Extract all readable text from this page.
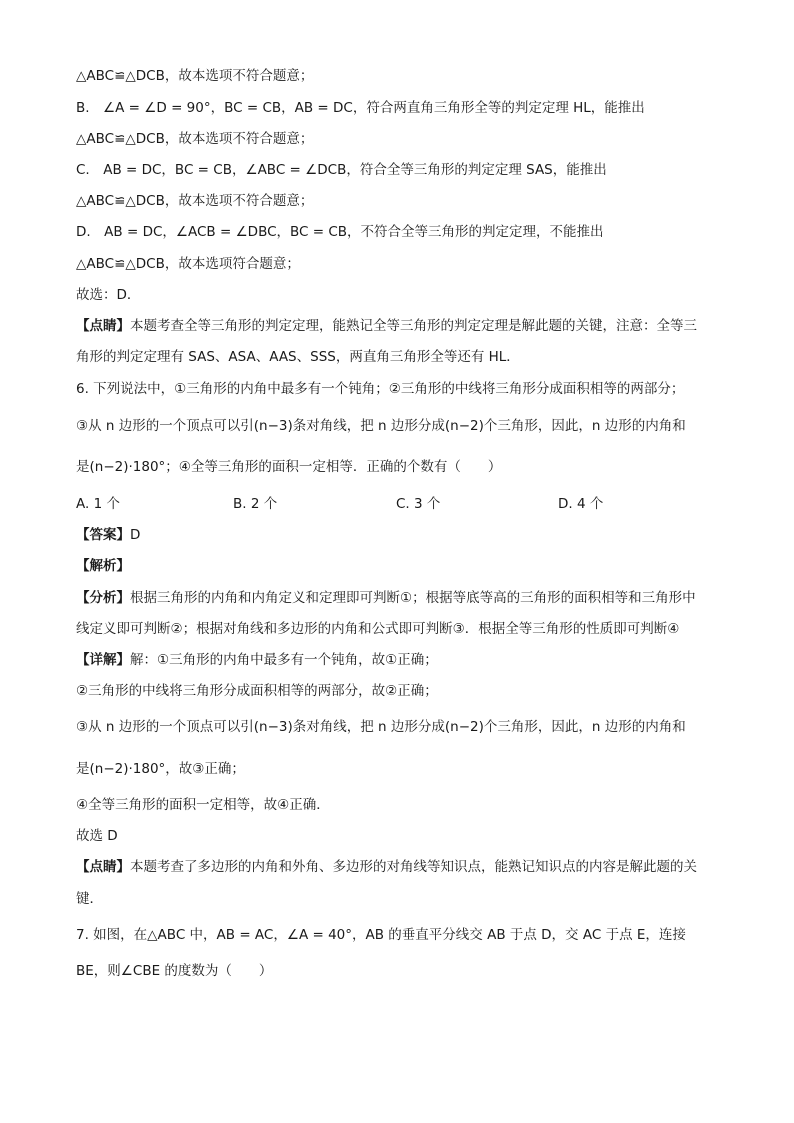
△ABC≌△DCB，故本选项不符合题意；
B.　∠A = ∠D = 90°，BC = CB，AB = DC，符合两直角三角形全等的判定定理 HL，能推出
△ABC≌△DCB，故本选项不符合题意；
C.　AB = DC，BC = CB，∠ABC = ∠DCB，符合全等三角形的判定定理 SAS，能推出
△ABC≌△DCB，故本选项不符合题意；
D.　AB = DC，∠ACB = ∠DBC，BC = CB，不符合全等三角形的判定定理，不能推出
△ABC≌△DCB，故本选项符合题意；
故选：D．
【点睛】本题考查全等三角形的判定定理，能熟记全等三角形的判定定理是解此题的关键，注意：全等三
角形的判定定理有 SAS、ASA、AAS、SSS，两直角三角形全等还有 HL．
6. 下列说法中，①三角形的内角中最多有一个钝角；②三角形的中线将三角形分成面积相等的两部分；
③从 n 边形的一个顶点可以引(n−3)条对角线，把 n 边形分成(n−2)个三角形，因此，n 边形的内角和
是(n−2)·180°；④全等三角形的面积一定相等．正确的个数有（　　）
A. 1 个	B. 2 个	C. 3 个	D. 4 个
【答案】D
【解析】
【分析】根据三角形的内角和内角定义和定理即可判断①；根据等底等高的三角形的面积相等和三角形中
线定义即可判断②；根据对角线和多边形的内角和公式即可判断③．根据全等三角形的性质即可判断④
【详解】解：①三角形的内角中最多有一个钝角，故①正确；
②三角形的中线将三角形分成面积相等的两部分，故②正确；
③从 n 边形的一个顶点可以引(n−3)条对角线，把 n 边形分成(n−2)个三角形，因此，n 边形的内角和
是(n−2)·180°，故③正确；
④全等三角形的面积一定相等，故④正确．
故选 D
【点睛】本题考查了多边形的内角和外角、多边形的对角线等知识点，能熟记知识点的内容是解此题的关
键．
7. 如图，在△ABC 中，AB = AC，∠A = 40°，AB 的垂直平分线交 AB 于点 D，交 AC 于点 E，连接
BE，则∠CBE 的度数为（　　）
